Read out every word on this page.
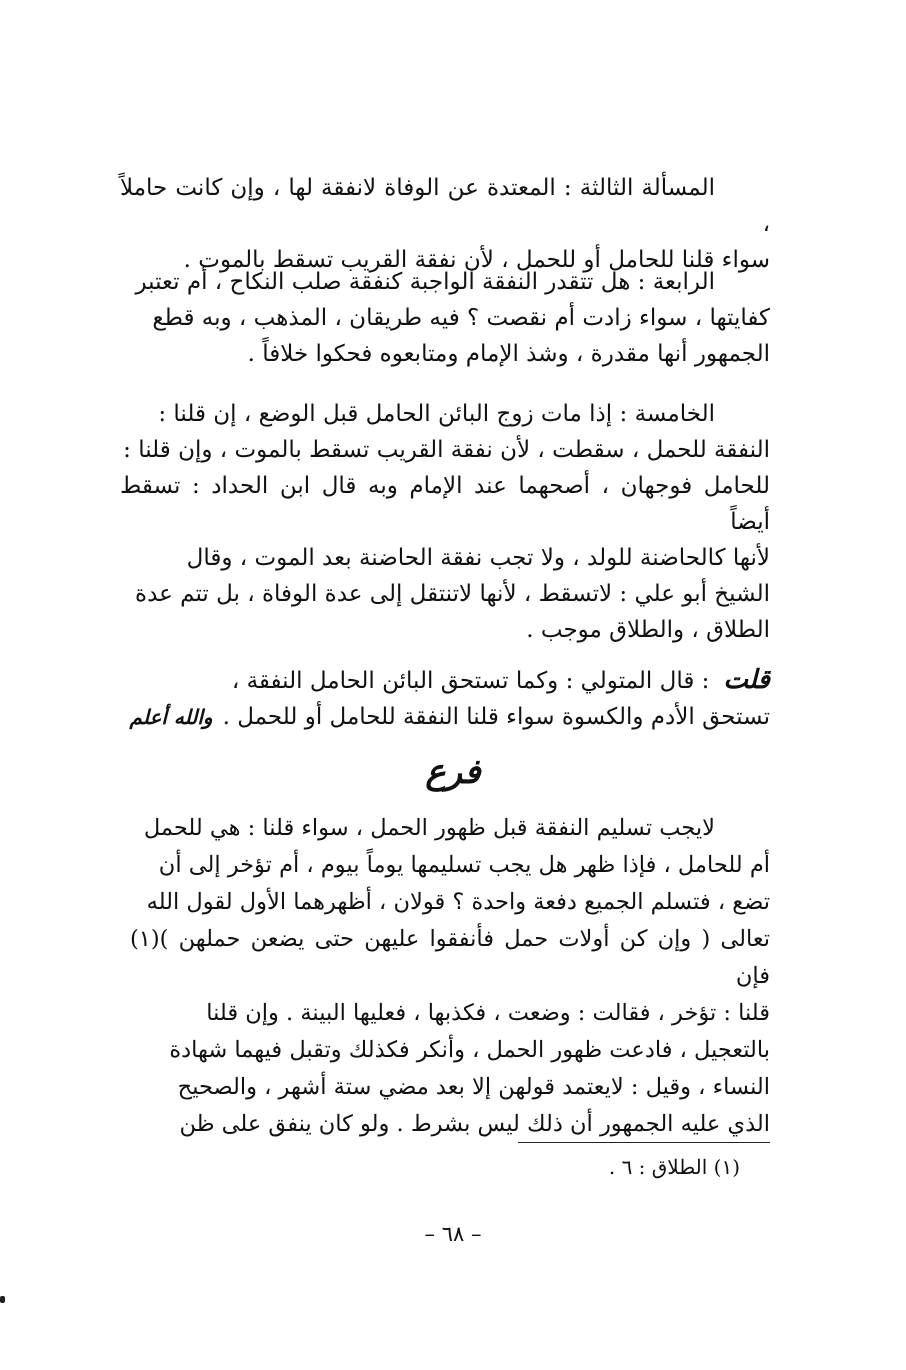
المسألة الثالثة : المعتدة عن الوفاة لانفقة لها ، وإن كانت حاملاً ،

سواء قلنا للحامل أو للحمل ، لأن نفقة القريب تسقط بالموت .

الرابعة : هل تتقدر النفقة الواجبة كنفقة صلب النكاح ، أم تعتبر

كفايتها ، سواء زادت أم نقصت ؟ فيه طريقان ، المذهب ، وبه قطع

الجمهور أنها مقدرة ، وشذ الإمام ومتابعوه فحكوا خلافاً .

الخامسة : إذا مات زوج البائن الحامل قبل الوضع ، إن قلنا :

النفقة للحمل ، سقطت ، لأن نفقة القريب تسقط بالموت ، وإن قلنا :

للحامل فوجهان ، أصحهما عند الإمام وبه قال ابن الحداد : تسقط أيضاً

لأنها كالحاضنة للولد ، ولا تجب نفقة الحاضنة بعد الموت ، وقال

الشيخ أبو علي : لاتسقط ، لأنها لاتنتقل إلى عدة الوفاة ، بل تتم عدة

الطلاق ، والطلاق موجب .

قلت: قال المتولي : وكما تستحق البائن الحامل النفقة ،

تستحق الأدم والكسوة سواء قلنا النفقة للحامل أو للحمل .والله أعلم

فرع

لايجب تسليم النفقة قبل ظهور الحمل ، سواء قلنا : هي للحمل

أم للحامل ، فإذا ظهر هل يجب تسليمها يوماً بيوم ، أم تؤخر إلى أن

تضع ، فتسلم الجميع دفعة واحدة ؟ قولان ، أظهرهما الأول لقول الله

تعالى ( وإن كن أولات حمل فأنفقوا عليهن حتى يضعن حملهن )(١) فإن

قلنا : تؤخر ، فقالت : وضعت ، فكذبها ، فعليها البينة . وإن قلنا

بالتعجيل ، فادعت ظهور الحمل ، وأنكر فكذلك وتقبل فيهما شهادة

النساء ، وقيل : لايعتمد قولهن إلا بعد مضي ستة أشهر ، والصحيح

الذي عليه الجمهور أن ذلك ليس بشرط . ولو كان ينفق على ظن

(١) الطلاق : ٦ .
– ٦٨ –
